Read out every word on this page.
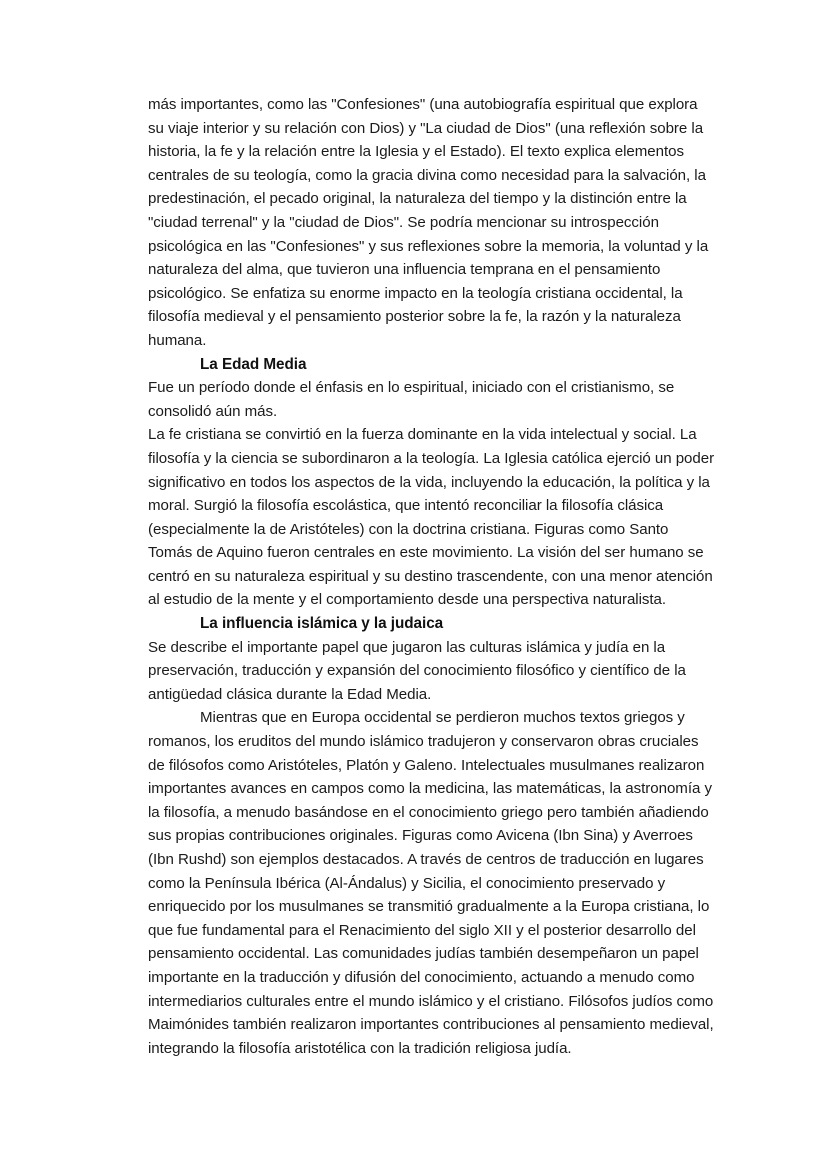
más importantes, como las "Confesiones" (una autobiografía espiritual que explora su viaje interior y su relación con Dios) y "La ciudad de Dios" (una reflexión sobre la historia, la fe y la relación entre la Iglesia y el Estado). El texto explica elementos centrales de su teología, como la gracia divina como necesidad para la salvación, la predestinación, el pecado original, la naturaleza del tiempo y la distinción entre la "ciudad terrenal" y la "ciudad de Dios". Se podría mencionar su introspección psicológica en las "Confesiones" y sus reflexiones sobre la memoria, la voluntad y la naturaleza del alma, que tuvieron una influencia temprana en el pensamiento psicológico. Se enfatiza su enorme impacto en la teología cristiana occidental, la filosofía medieval y el pensamiento posterior sobre la fe, la razón y la naturaleza humana.

La Edad Media

Fue un período donde el énfasis en lo espiritual, iniciado con el cristianismo, se consolidó aún más.

La fe cristiana se convirtió en la fuerza dominante en la vida intelectual y social. La filosofía y la ciencia se subordinaron a la teología. La Iglesia católica ejerció un poder significativo en todos los aspectos de la vida, incluyendo la educación, la política y la moral. Surgió la filosofía escolástica, que intentó reconciliar la filosofía clásica (especialmente la de Aristóteles) con la doctrina cristiana. Figuras como Santo Tomás de Aquino fueron centrales en este movimiento. La visión del ser humano se centró en su naturaleza espiritual y su destino trascendente, con una menor atención al estudio de la mente y el comportamiento desde una perspectiva naturalista.

La influencia islámica y la judaica

Se describe el importante papel que jugaron las culturas islámica y judía en la preservación, traducción y expansión del conocimiento filosófico y científico de la antigüedad clásica durante la Edad Media.

Mientras que en Europa occidental se perdieron muchos textos griegos y romanos, los eruditos del mundo islámico tradujeron y conservaron obras cruciales de filósofos como Aristóteles, Platón y Galeno. Intelectuales musulmanes realizaron importantes avances en campos como la medicina, las matemáticas, la astronomía y la filosofía, a menudo basándose en el conocimiento griego pero también añadiendo sus propias contribuciones originales. Figuras como Avicena (Ibn Sina) y Averroes (Ibn Rushd) son ejemplos destacados. A través de centros de traducción en lugares como la Península Ibérica (Al-Ándalus) y Sicilia, el conocimiento preservado y enriquecido por los musulmanes se transmitió gradualmente a la Europa cristiana, lo que fue fundamental para el Renacimiento del siglo XII y el posterior desarrollo del pensamiento occidental. Las comunidades judías también desempeñaron un papel importante en la traducción y difusión del conocimiento, actuando a menudo como intermediarios culturales entre el mundo islámico y el cristiano. Filósofos judíos como Maimónides también realizaron importantes contribuciones al pensamiento medieval, integrando la filosofía aristotélica con la tradición religiosa judía.
